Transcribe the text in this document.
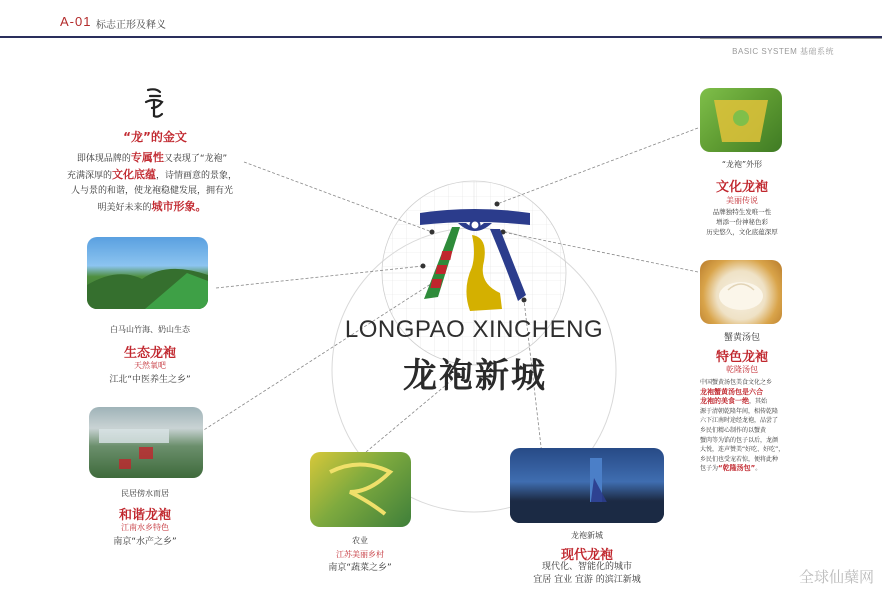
A-01 标志正形及释义
BASIC SYSTEM 基础系统
LONGPAO XINCHENG
龙袍新城
“龙”的金文
即体现品牌的专属性又表现了“龙袍”
充满深厚的文化底蕴，诗情画意的景象，
人与景的和谐，使龙袍稳健发展，拥有光
明美好未来的城市形象。
白马山竹海、奶山生态
生态龙袍
天然氧吧
江北“中医养生之乡”
民居傍水而居
和谐龙袍
江南水乡特色
南京“水产之乡”	农业
江苏美丽乡村
南京“蔬菜之乡”
龙袍新城
现代龙袍
现代化、智能化的城市
宜居 宜业 宜游 的滨江新城
“龙袍”外形
文化龙袍
美丽传说
品牌独特生发唯一性
增添一份神秘色彩
历史悠久，文化底蕴深厚
蟹黄汤包
特色龙袍
乾隆汤包
中国蟹黄汤包美食文化之乡
龙袍蟹黄汤包是六合
龙袍的美食一绝，其始
源于清朝乾隆年间，相传乾隆
六下江南时途经龙袍，品尝了
乡民们精心制作的以蟹黄
蟹肉等为馅的包子以后，龙颜
大悦，连声赞美“好吃、好吃”，
乡民们也受宠若惊，便将此种
包子为“乾隆汤包”。
全球仙蘖网
